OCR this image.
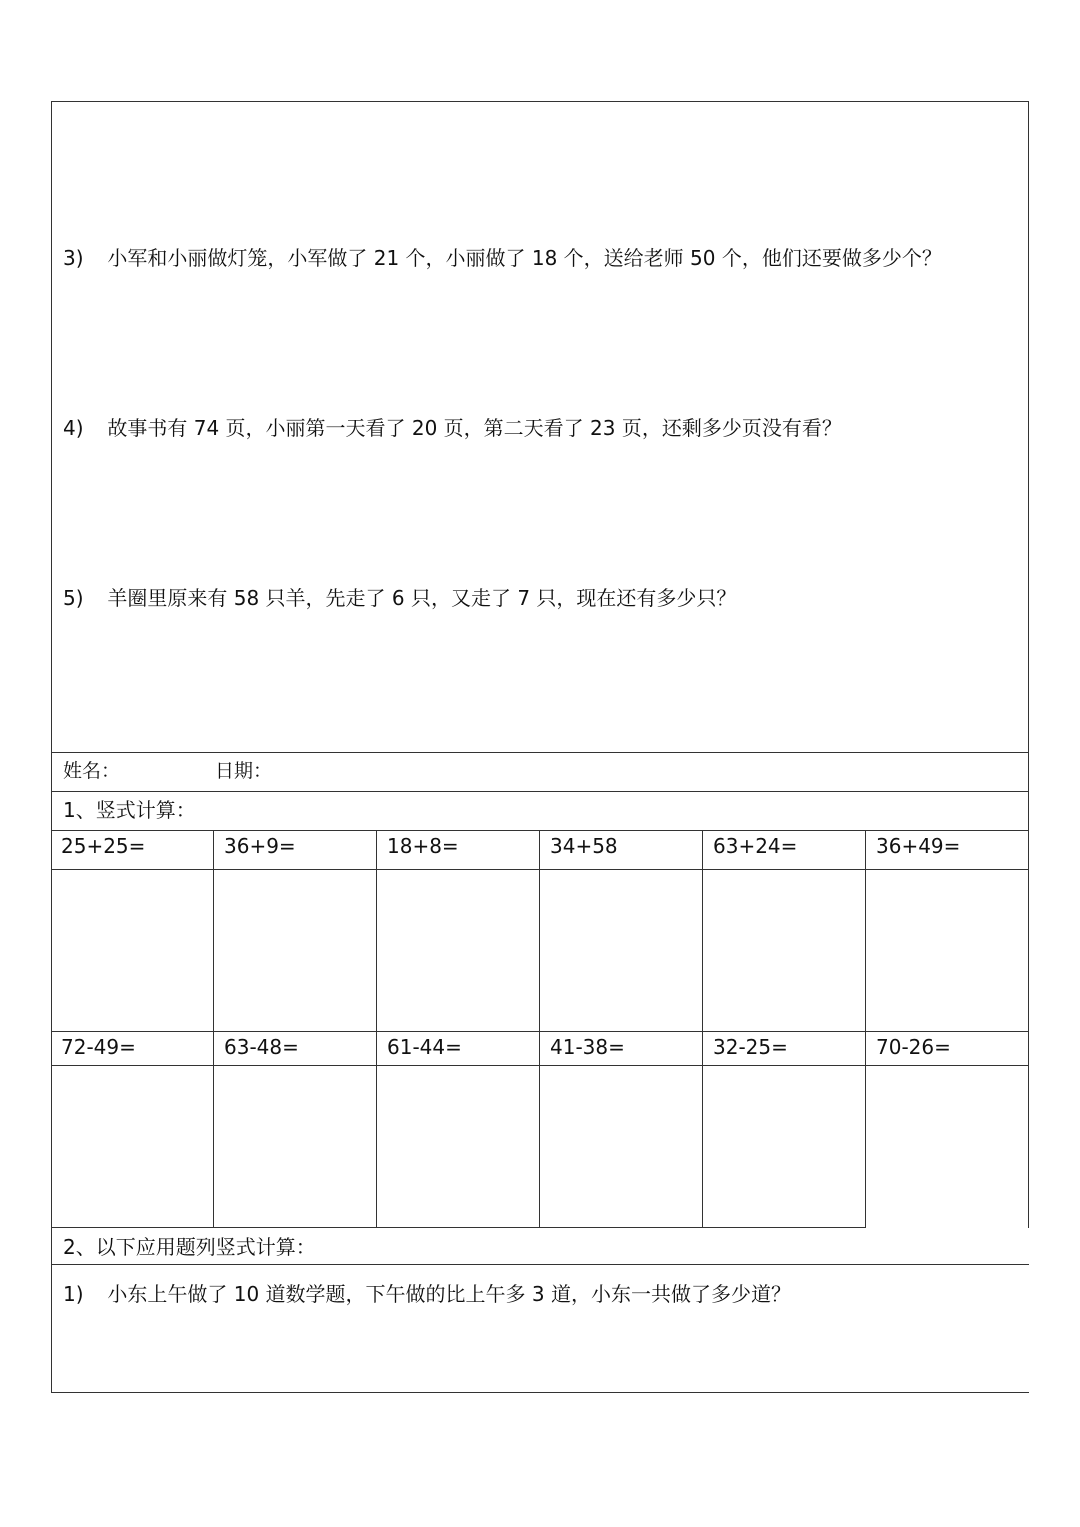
3) 小军和小丽做灯笼，小军做了 21 个，小丽做了 18 个，送给老师 50 个，他们还要做多少个？
4) 故事书有 74 页，小丽第一天看了 20 页，第二天看了 23 页，还剩多少页没有看？
5) 羊圈里原来有 58 只羊，先走了 6 只，又走了 7 只，现在还有多少只？
姓名：	日期：
1、竖式计算：
25+25=	36+9=	18+8=	34+58	63+24=	36+49=
72-49=	63-48=	61-44=	41-38=	32-25=	70-26=
2、以下应用题列竖式计算：
1) 小东上午做了 10 道数学题，下午做的比上午多 3 道，小东一共做了多少道？
